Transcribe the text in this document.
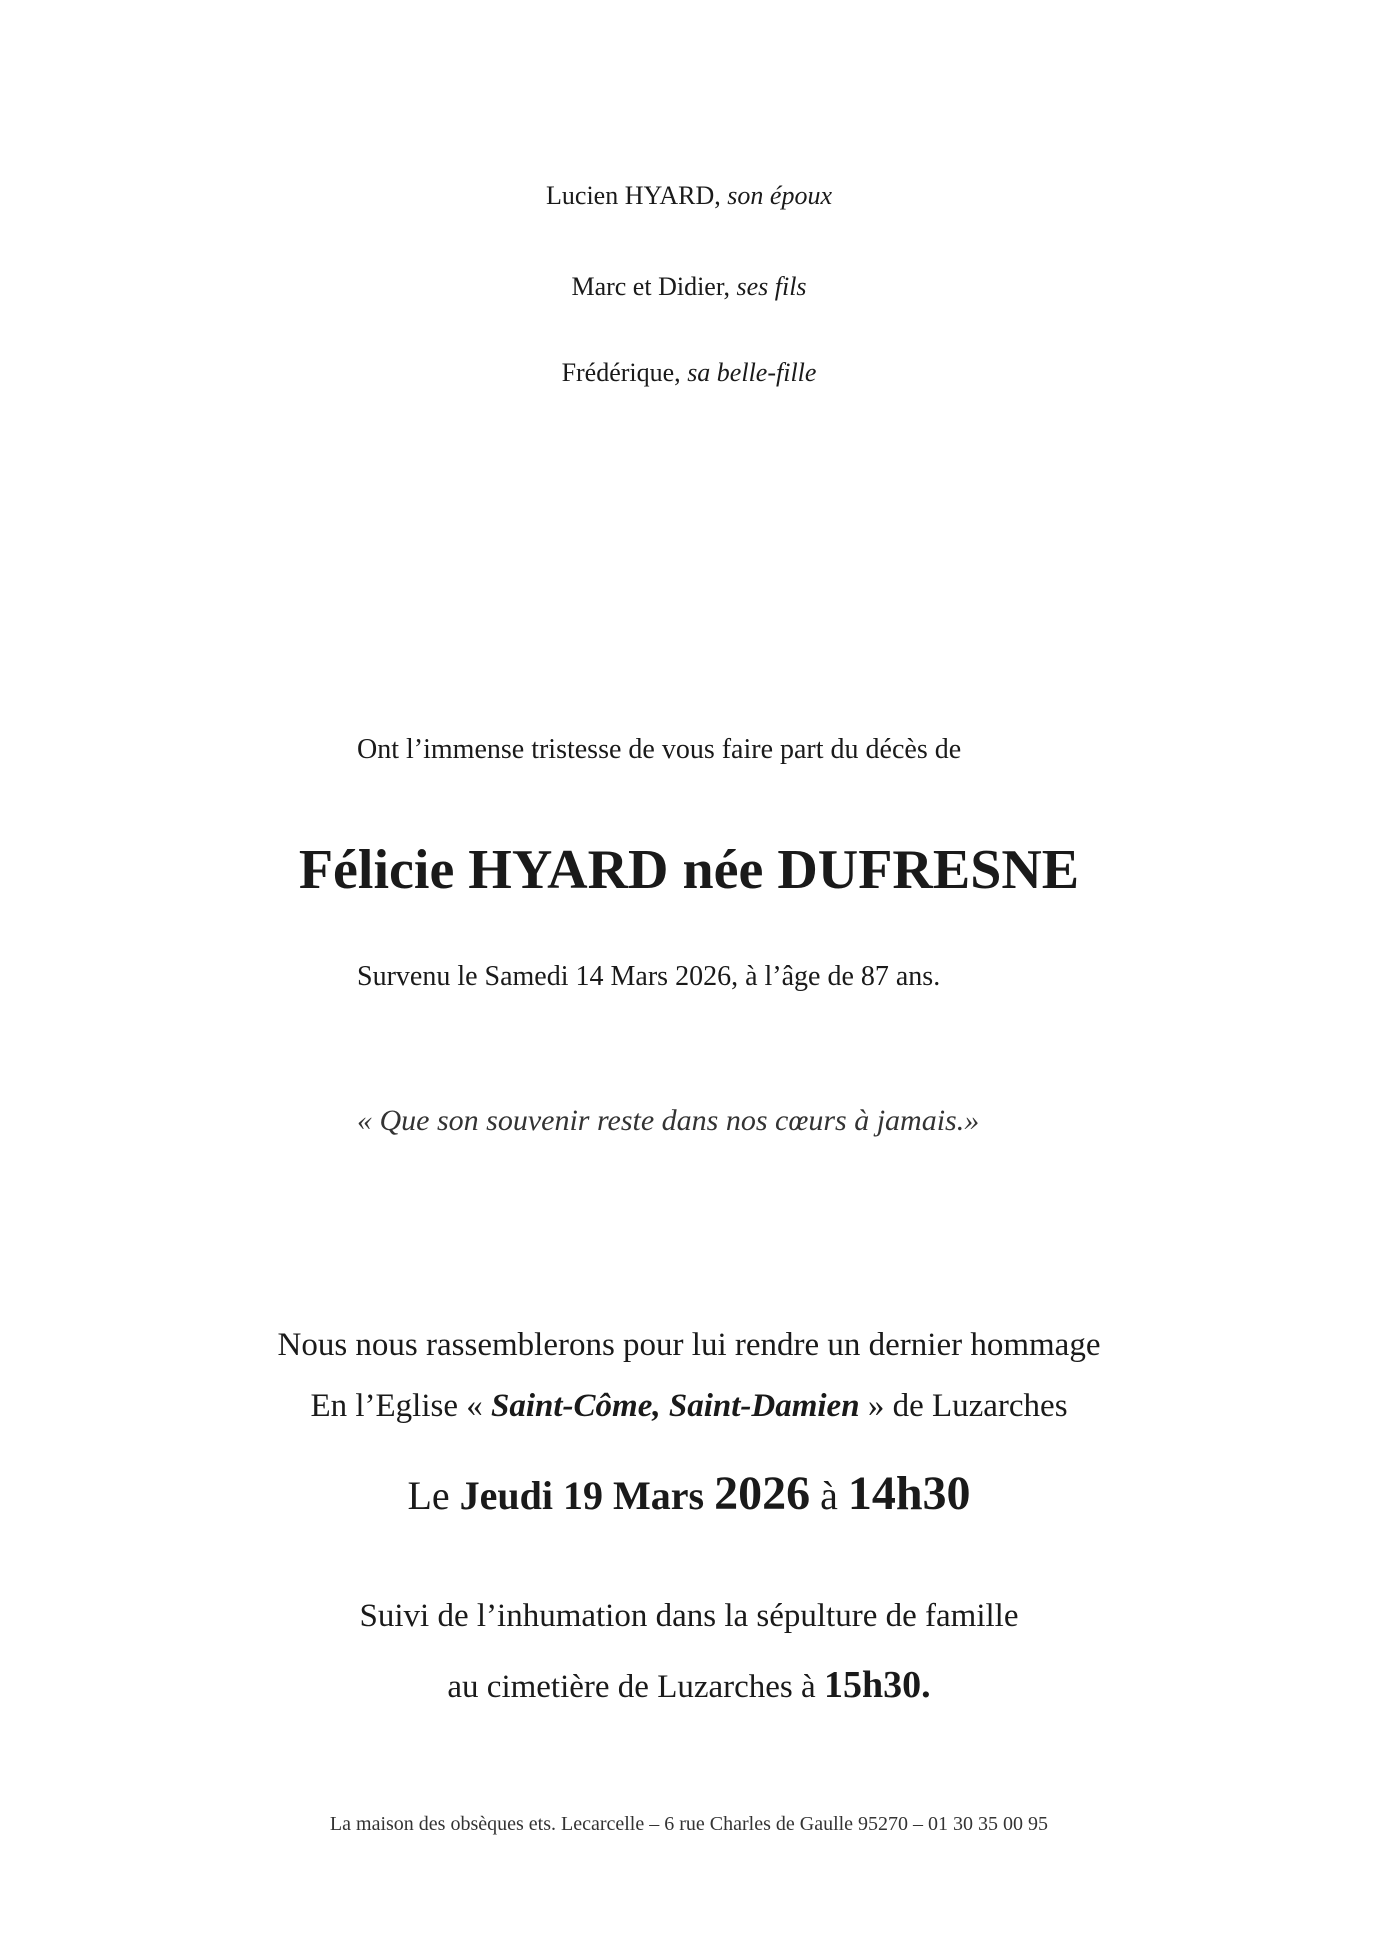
Lucien HYARD, son époux
Marc et Didier, ses fils
Frédérique, sa belle-fille
Ont l’immense tristesse de vous faire part du décès de
Félicie HYARD née DUFRESNE
Survenu le Samedi 14 Mars 2026, à l’âge de 87 ans.
« Que son souvenir reste dans nos cœurs à jamais.»
Nous nous rassemblerons pour lui rendre un dernier hommage
En l’Eglise « Saint-Côme, Saint-Damien » de Luzarches
Le Jeudi 19 Mars 2026 à 14h30
Suivi de l’inhumation dans la sépulture de famille
au cimetière de Luzarches à 15h30.
La maison des obsèques ets. Lecarcelle – 6 rue Charles de Gaulle 95270 – 01 30 35 00 95
